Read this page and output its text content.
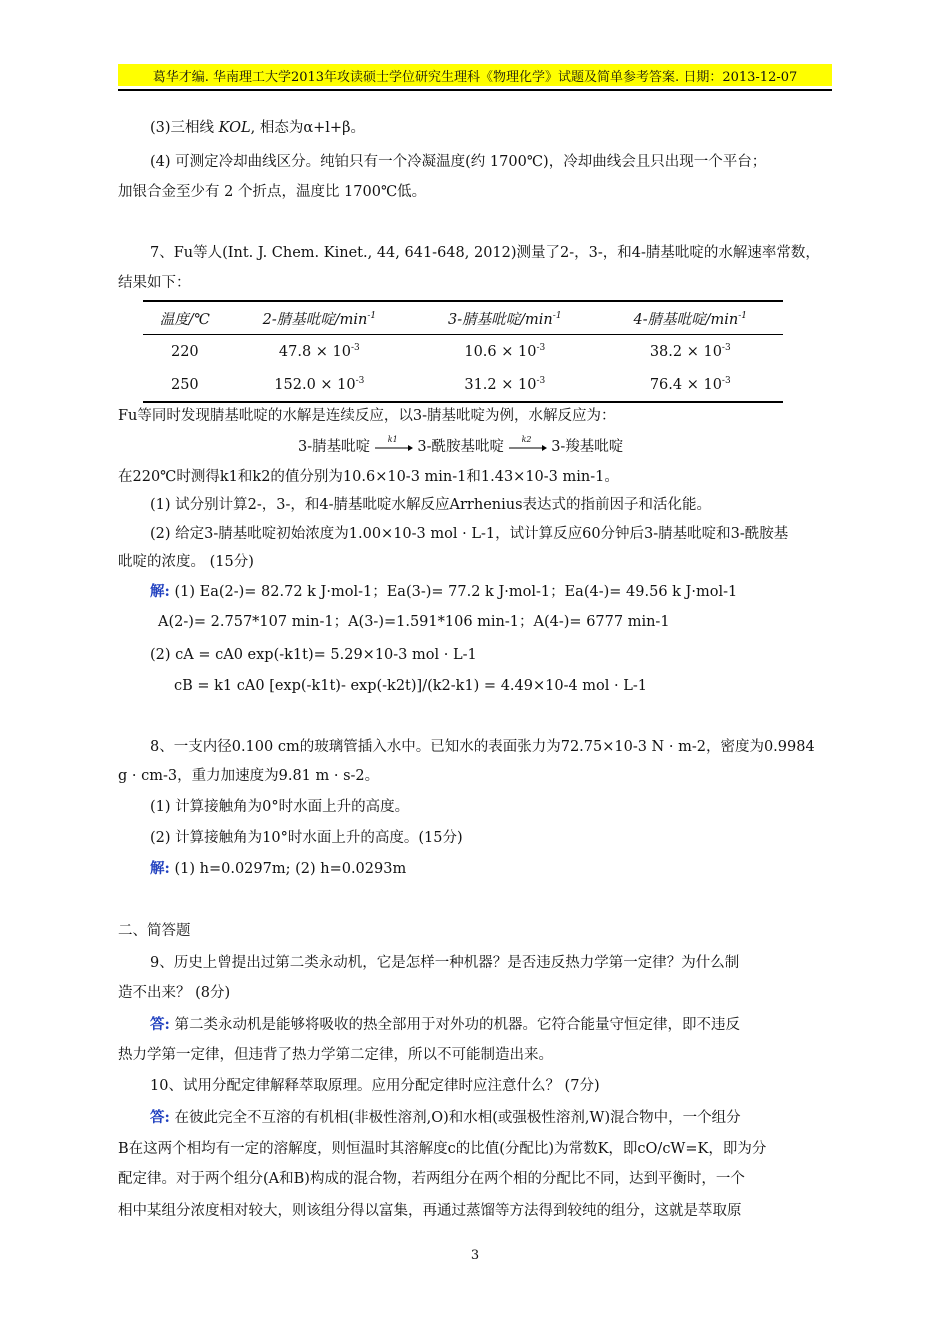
葛华才编. 华南理工大学2013年攻读硕士学位研究生理科《物理化学》试题及简单参考答案. 日期：2013-12-07
(3)三相线 KOL, 相态为α+l+β。
(4) 可测定冷却曲线区分。纯铂只有一个冷凝温度(约 1700℃)，冷却曲线会且只出现一个平台；
加银合金至少有 2 个折点，温度比 1700℃低。
7、Fu等人(Int. J. Chem. Kinet., 44, 641-648, 2012)测量了2-，3-，和4-腈基吡啶的水解速率常数，
结果如下：
温度/℃	2-腈基吡啶$/\min^{-1}$	3-腈基吡啶$/\min^{-1}$	4-腈基吡啶$/\min^{-1}$
220	$47.8 \times 10^{-3}$	$10.6 \times 10^{-3}$	$38.2 \times 10^{-3}$
250	$152.0 \times 10^{-3}$	$31.2 \times 10^{-3}$	$76.4 \times 10^{-3}$
Fu等同时发现腈基吡啶的水解是连续反应，以3-腈基吡啶为例，水解反应为：
3-腈基吡啶 k1 3-酰胺基吡啶 k2 3-羧基吡啶
在220℃时测得k1和k2的值分别为10.6×10-3 min-1和1.43×10-3 min-1。
(1) 试分别计算2-，3-，和4-腈基吡啶水解反应Arrhenius表达式的指前因子和活化能。
(2) 给定3-腈基吡啶初始浓度为1.00×10-3 mol · L-1，试计算反应60分钟后3-腈基吡啶和3-酰胺基
吡啶的浓度。 (15分)
解: (1) Ea(2-)= 82.72 k J·mol-1；Ea(3-)= 77.2 k J·mol-1；Ea(4-)= 49.56 k J·mol-1
A(2-)= 2.757*107 min-1；A(3-)=1.591*106 min-1；A(4-)= 6777 min-1
(2) cA = cA0 exp(-k1t)= 5.29×10-3 mol · L-1
cB = k1 cA0 [exp(-k1t)- exp(-k2t)]/(k2-k1) = 4.49×10-4 mol · L-1
8、一支内径0.100 cm的玻璃管插入水中。已知水的表面张力为72.75×10-3 N · m-2，密度为0.9984
g · cm-3，重力加速度为9.81 m · s-2。
(1) 计算接触角为0°时水面上升的高度。
(2) 计算接触角为10°时水面上升的高度。(15分)
解: (1) h=0.0297m; (2) h=0.0293m
二、简答题
9、历史上曾提出过第二类永动机，它是怎样一种机器？是否违反热力学第一定律？为什么制
造不出来？ (8分)
答: 第二类永动机是能够将吸收的热全部用于对外功的机器。它符合能量守恒定律，即不违反
热力学第一定律，但违背了热力学第二定律，所以不可能制造出来。
10、试用分配定律解释萃取原理。应用分配定律时应注意什么？ (7分)
答: 在彼此完全不互溶的有机相(非极性溶剂,O)和水相(或强极性溶剂,W)混合物中，一个组分
B在这两个相均有一定的溶解度，则恒温时其溶解度c的比值(分配比)为常数K，即cO/cW=K，即为分
配定律。对于两个组分(A和B)构成的混合物，若两组分在两个相的分配比不同，达到平衡时，一个
相中某组分浓度相对较大，则该组分得以富集，再通过蒸馏等方法得到较纯的组分，这就是萃取原
3
